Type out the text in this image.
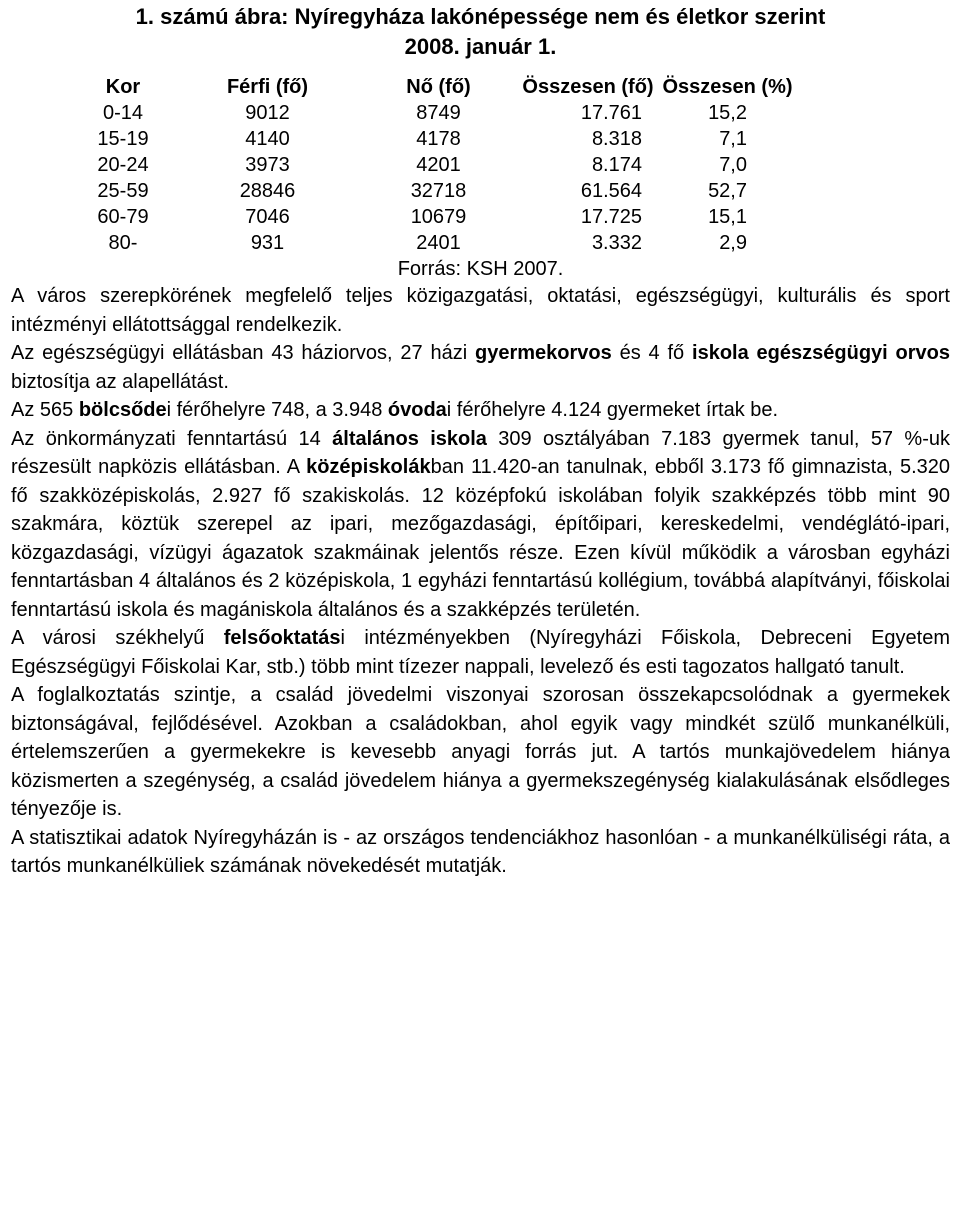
1. számú ábra: Nyíregyháza lakónépessége nem és életkor szerint
2008. január 1.
Kor	Férfi (fő)	Nő (fő)	Összesen (fő)	Összesen (%)
0-14	9012	8749	17.761	15,2
15-19	4140	4178	8.318	7,1
20-24	3973	4201	8.174	7,0
25-59	28846	32718	61.564	52,7
60-79	7046	10679	17.725	15,1
80-	931	2401	3.332	2,9
Forrás: KSH 2007.

A város szerepkörének megfelelő teljes közigazgatási, oktatási, egészségügyi, kulturális és sport intézményi ellátottsággal rendelkezik.

Az egészségügyi ellátásban 43 háziorvos, 27 házi gyermekorvos és 4 fő iskola egészségügyi orvos biztosítja az alapellátást.

Az 565 bölcsődei férőhelyre 748, a 3.948 óvodai férőhelyre 4.124 gyermeket írtak be.

Az önkormányzati fenntartású 14 általános iskola 309 osztályában 7.183 gyermek tanul, 57 %-uk részesült napközis ellátásban. A középiskolákban 11.420-an tanulnak, ebből 3.173 fő gimnazista, 5.320 fő szakközépiskolás, 2.927 fő szakiskolás. 12 középfokú iskolában folyik szakképzés több mint 90 szakmára, köztük szerepel az ipari, mezőgazdasági, építőipari, kereskedelmi, vendéglátó-ipari, közgazdasági, vízügyi ágazatok szakmáinak jelentős része. Ezen kívül működik a városban egyházi fenntartásban 4 általános és 2 középiskola, 1 egyházi fenntartású kollégium, továbbá alapítványi, főiskolai fenntartású iskola és magániskola általános és a szakképzés területén.

A városi székhelyű felsőoktatási intézményekben (Nyíregyházi Főiskola, Debreceni Egyetem Egészségügyi Főiskolai Kar, stb.) több mint tízezer nappali, levelező és esti tagozatos hallgató tanult.

A foglalkoztatás szintje, a család jövedelmi viszonyai szorosan összekapcsolódnak a gyermekek biztonságával, fejlődésével. Azokban a családokban, ahol egyik vagy mindkét szülő munkanélküli, értelemszerűen a gyermekekre is kevesebb anyagi forrás jut. A tartós munkajövedelem hiánya közismerten a szegénység, a család jövedelem hiánya a gyermekszegénység kialakulásának elsődleges tényezője is.

A statisztikai adatok Nyíregyházán is - az országos tendenciákhoz hasonlóan - a munkanélküliségi ráta, a tartós munkanélküliek számának növekedését mutatják.
